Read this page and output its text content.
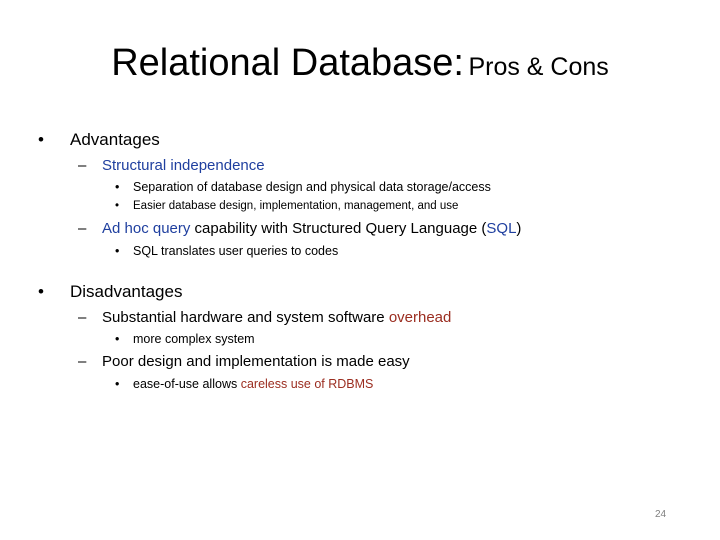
Relational Database: Pros & Cons
• Advantages
– Structural independence
• Separation of database design and physical data storage/access
• Easier database design, implementation, management, and use
– Ad hoc query capability with Structured Query Language (SQL)
• SQL translates user queries to codes
• Disadvantages
– Substantial hardware and system software overhead
• more complex system
– Poor design and implementation is made easy
• ease-of-use allows careless use of RDBMS
24
